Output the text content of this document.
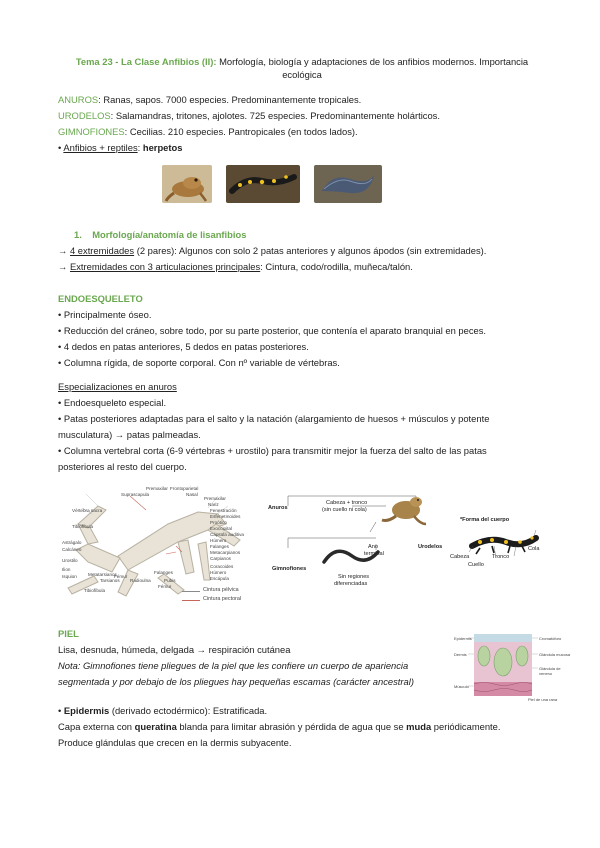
Tema 23 - La Clase Anfibios (II): Morfología, biología y adaptaciones de los anfibios modernos. Importancia ecológica
ANUROS: Ranas, sapos. 7000 especies. Predominantemente tropicales.
URODELOS: Salamandras, tritones, ajolotes. 725 especies. Predominantemente holárticos.
GIMNOFIONES: Cecilias. 210 especies. Pantropicales (en todos lados).
• Anfibios + reptiles: herpetos
1. Morfología/anatomía de lisanfibios
→ 4 extremidades (2 pares): Algunos con solo 2 patas anteriores y algunos ápodos (sin extremidades).
→ Extremidades con 3 articulaciones principales: Cintura, codo/rodilla, muñeca/talón.
ENDOESQUELETO
• Principalmente óseo.
• Reducción del cráneo, sobre todo, por su parte posterior, que contenía el aparato branquial en peces.
• 4 dedos en patas anteriores, 5 dedos en patas posteriores.
• Columna rígida, de soporte corporal. Con nº variable de vértebras.
Especializaciones en anuros
• Endoesqueleto especial.
• Patas posteriores adaptadas para el salto y la natación (alargamiento de huesos + músculos y potente
musculatura) → patas palmeadas.
• Columna vertebral corta (6-9 vértebras + urostilo) para transmitir mejor la fuerza del salto de las patas
posteriores al resto del cuerpo.
Vértebra sacra
Tibiofíbula
Astrágalo
Calcáneo
Urostilo
Ilion
Isquion
Tibiofíbula
Premaxilar
Suprascapula
Frontoparietal
Nasal
Premaxilar
Nariz
Fenestración
Esfenetmoides
Proótico
Exoccipital
Cápsula auditiva
Húmero
Falanges
Metacarpianos
Carpianos
Coracoides
Húmero
Escápula
Metatarsianos
Tarsianos
Fémur
Radioulna
Falanges
Pubis
Fémur
Cintura pélvica
Cintura pectoral
Anuros
Cabeza + tronco
(sin cuello ni cola)
Ano
terminal
Gimnofiones
Sin regiones
diferenciadas
*Forma del cuerpo
Urodelos
Cabeza
Cuello
Tronco
Cola
PIEL
Lisa, desnuda, húmeda, delgada → respiración cutánea
Nota: Gimnofiones tiene pliegues de la piel que les confiere un cuerpo de apariencia
segmentada y por debajo de los pliegues hay pequeñas escamas (carácter ancestral)
Epidermis
Dermis
Músculo
Cromatóforo
Glándula mucosa
Glándula de veneno
Piel de una rana
• Epidermis (derivado ectodérmico): Estratificada.
Capa externa con queratina blanda para limitar abrasión y pérdida de agua que se muda periódicamente.
Produce glándulas que crecen en la dermis subyacente.
